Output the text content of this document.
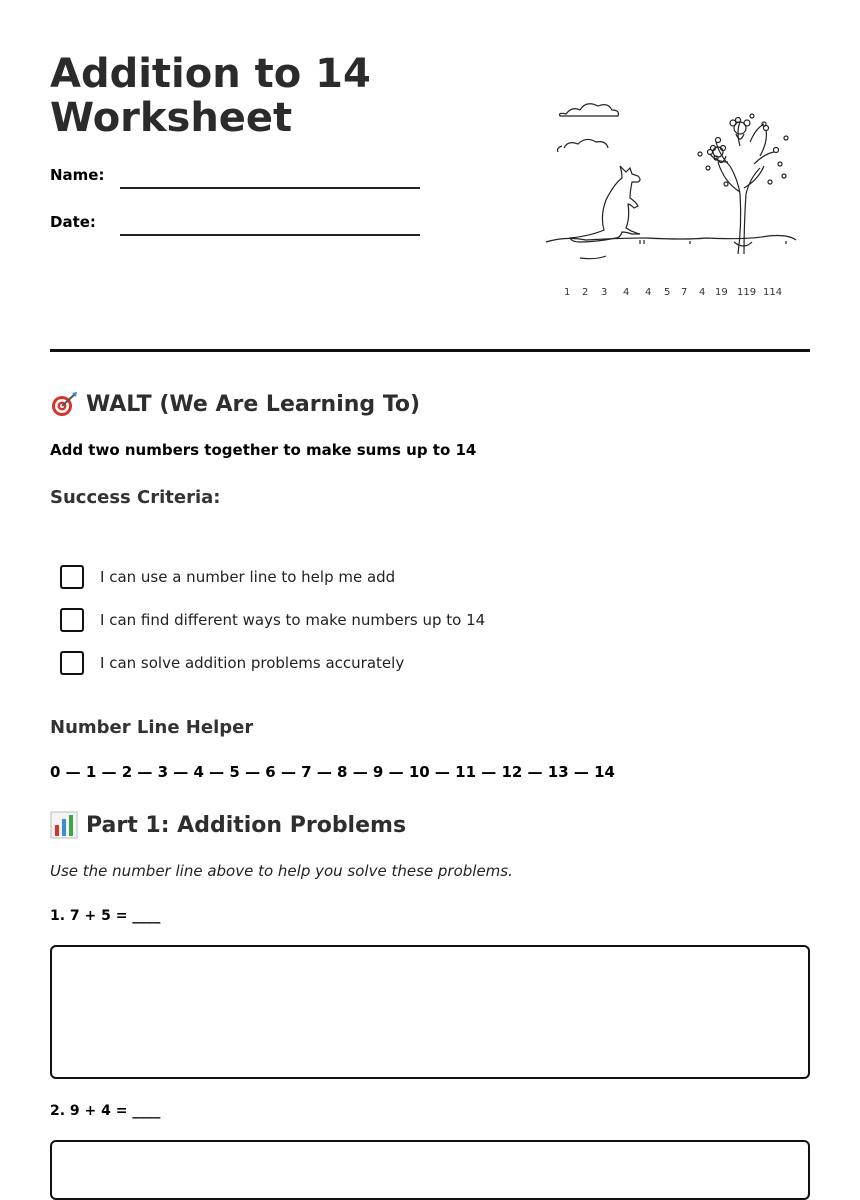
Addition to 14 Worksheet
Name:
Date:
1 2 3 4 4 5 7 4 19 119 114
WALT (We Are Learning To)
Add two numbers together to make sums up to 14
Success Criteria:
I can use a number line to help me add
I can find different ways to make numbers up to 14
I can solve addition problems accurately
Number Line Helper
0 — 1 — 2 — 3 — 4 — 5 — 6 — 7 — 8 — 9 — 10 — 11 — 12 — 13 — 14
Part 1: Addition Problems
Use the number line above to help you solve these problems.
1. 7 + 5 = ____
2. 9 + 4 = ____
